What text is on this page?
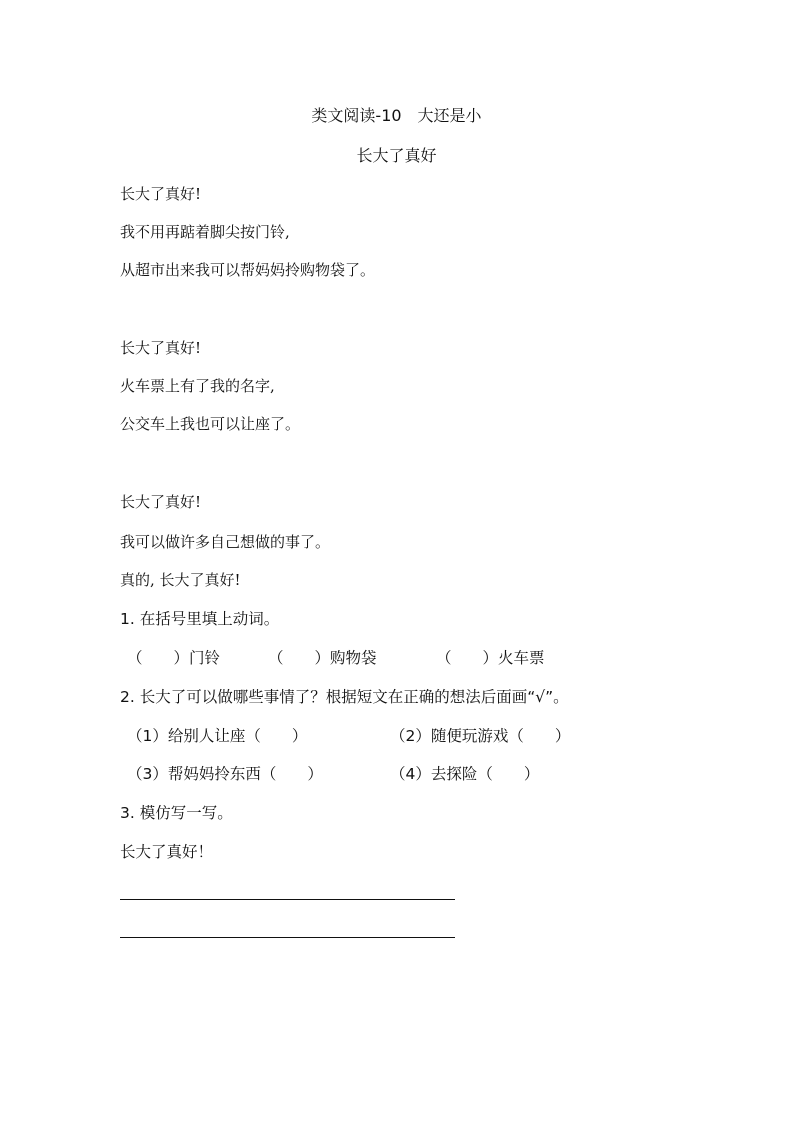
类文阅读-10　大还是小
长大了真好
长大了真好!
我不用再踮着脚尖按门铃,
从超市出来我可以帮妈妈拎购物袋了。
长大了真好!
火车票上有了我的名字,
公交车上我也可以让座了。
长大了真好!
我可以做许多自己想做的事了。
真的, 长大了真好!
1. 在括号里填上动词。
（　　）门铃	（　　）购物袋	（　　）火车票
2. 长大了可以做哪些事情了？根据短文在正确的想法后面画“√”。
（1）给别人让座（　　）	（2）随便玩游戏（　　）
（3）帮妈妈拎东西（　　）	（4）去探险（　　）
3. 模仿写一写。
长大了真好！
